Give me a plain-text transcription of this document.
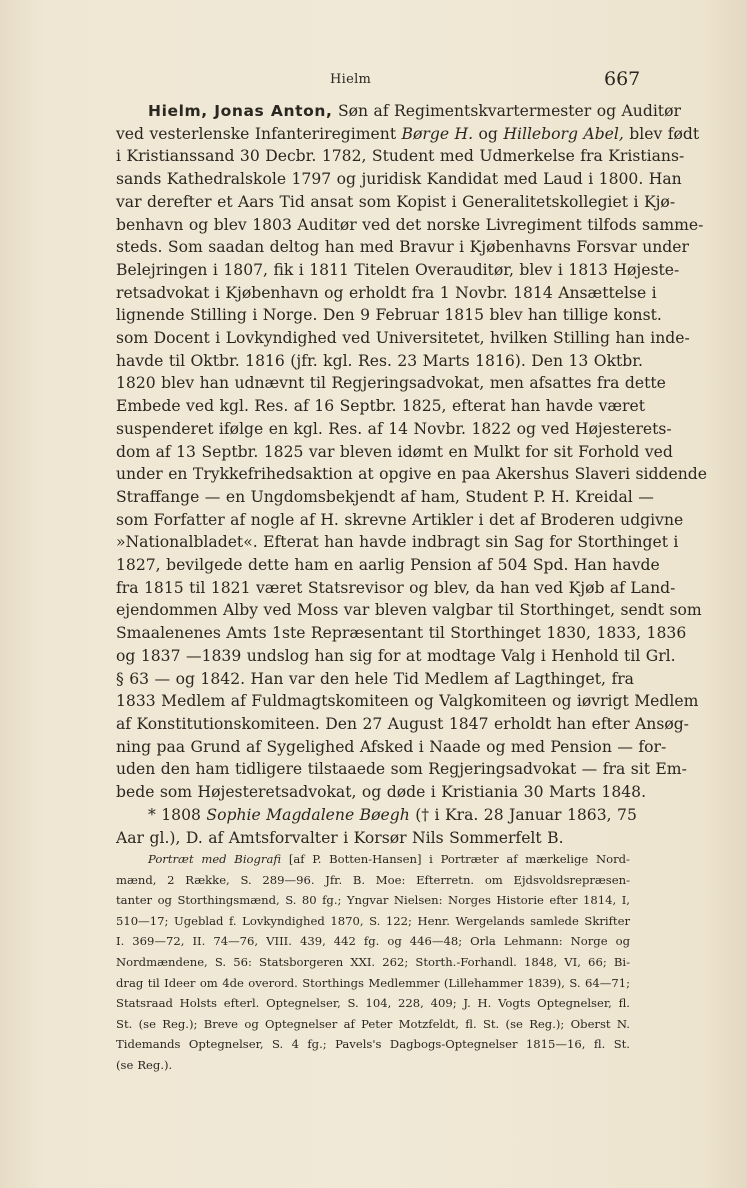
Hielm	667
Hielm, Jonas Anton, Søn af Regimentskvartermester og Auditør
ved vesterlenske Infanteriregiment Børge H. og Hilleborg Abel, blev født
i Kristianssand 30 Decbr. 1782, Student med Udmerkelse fra Kristians-
sands Kathedralskole 1797 og juridisk Kandidat med Laud i 1800. Han
var derefter et Aars Tid ansat som Kopist i Generalitetskollegiet i Kjø-
benhavn og blev 1803 Auditør ved det norske Livregiment tilfods samme-
steds. Som saadan deltog han med Bravur i Kjøbenhavns Forsvar under
Belejringen i 1807, fik i 1811 Titelen Overauditør, blev i 1813 Højeste-
retsadvokat i Kjøbenhavn og erholdt fra 1 Novbr. 1814 Ansættelse i
lignende Stilling i Norge. Den 9 Februar 1815 blev han tillige konst.
som Docent i Lovkyndighed ved Universitetet, hvilken Stilling han inde-
havde til Oktbr. 1816 (jfr. kgl. Res. 23 Marts 1816). Den 13 Oktbr.
1820 blev han udnævnt til Regjeringsadvokat, men afsattes fra dette
Embede ved kgl. Res. af 16 Septbr. 1825, efterat han havde været
suspenderet ifølge en kgl. Res. af 14 Novbr. 1822 og ved Højesterets-
dom af 13 Septbr. 1825 var bleven idømt en Mulkt for sit Forhold ved
under en Trykkefrihedsaktion at opgive en paa Akershus Slaveri siddende
Straffange — en Ungdomsbekjendt af ham, Student P. H. Kreidal —
som Forfatter af nogle af H. skrevne Artikler i det af Broderen udgivne
»Nationalbladet«. Efterat han havde indbragt sin Sag for Storthinget i
1827, bevilgede dette ham en aarlig Pension af 504 Spd. Han havde
fra 1815 til 1821 været Statsrevisor og blev, da han ved Kjøb af Land-
ejendommen Alby ved Moss var bleven valgbar til Storthinget, sendt som
Smaalenenes Amts 1ste Repræsentant til Storthinget 1830, 1833, 1836
og 1837 —1839 undslog han sig for at modtage Valg i Henhold til Grl.
§ 63 — og 1842. Han var den hele Tid Medlem af Lagthinget, fra
1833 Medlem af Fuldmagtskomiteen og Valgkomiteen og iøvrigt Medlem
af Konstitutionskomiteen. Den 27 August 1847 erholdt han efter Ansøg-
ning paa Grund af Sygelighed Afsked i Naade og med Pension — for-
uden den ham tidligere tilstaaede som Regjeringsadvokat — fra sit Em-
bede som Højesteretsadvokat, og døde i Kristiania 30 Marts 1848.
* 1808 Sophie Magdalene Bøegh († i Kra. 28 Januar 1863, 75
Aar gl.), D. af Amtsforvalter i Korsør Nils Sommerfelt B.
Portræt med Biografi [af P. Botten-Hansen] i Portræter af mærkelige Nord-
mænd, 2 Række, S. 289—96. Jfr. B. Moe: Efterretn. om Ejdsvoldsrepræsen-
tanter og Storthingsmænd, S. 80 fg.; Yngvar Nielsen: Norges Historie efter 1814, I,
510—17; Ugeblad f. Lovkyndighed 1870, S. 122; Henr. Wergelands samlede Skrifter
I. 369—72, II. 74—76, VIII. 439, 442 fg. og 446—48; Orla Lehmann: Norge og
Nordmændene, S. 56: Statsborgeren XXI. 262; Storth.-Forhandl. 1848, VI, 66; Bi-
drag til Ideer om 4de overord. Storthings Medlemmer (Lillehammer 1839), S. 64—71;
Statsraad Holsts efterl. Optegnelser, S. 104, 228, 409; J. H. Vogts Optegnelser, fl.
St. (se Reg.); Breve og Optegnelser af Peter Motzfeldt, fl. St. (se Reg.); Oberst N.
Tidemands Optegnelser, S. 4 fg.; Pavels's Dagbogs-Optegnelser 1815—16, fl. St.
(se Reg.).
